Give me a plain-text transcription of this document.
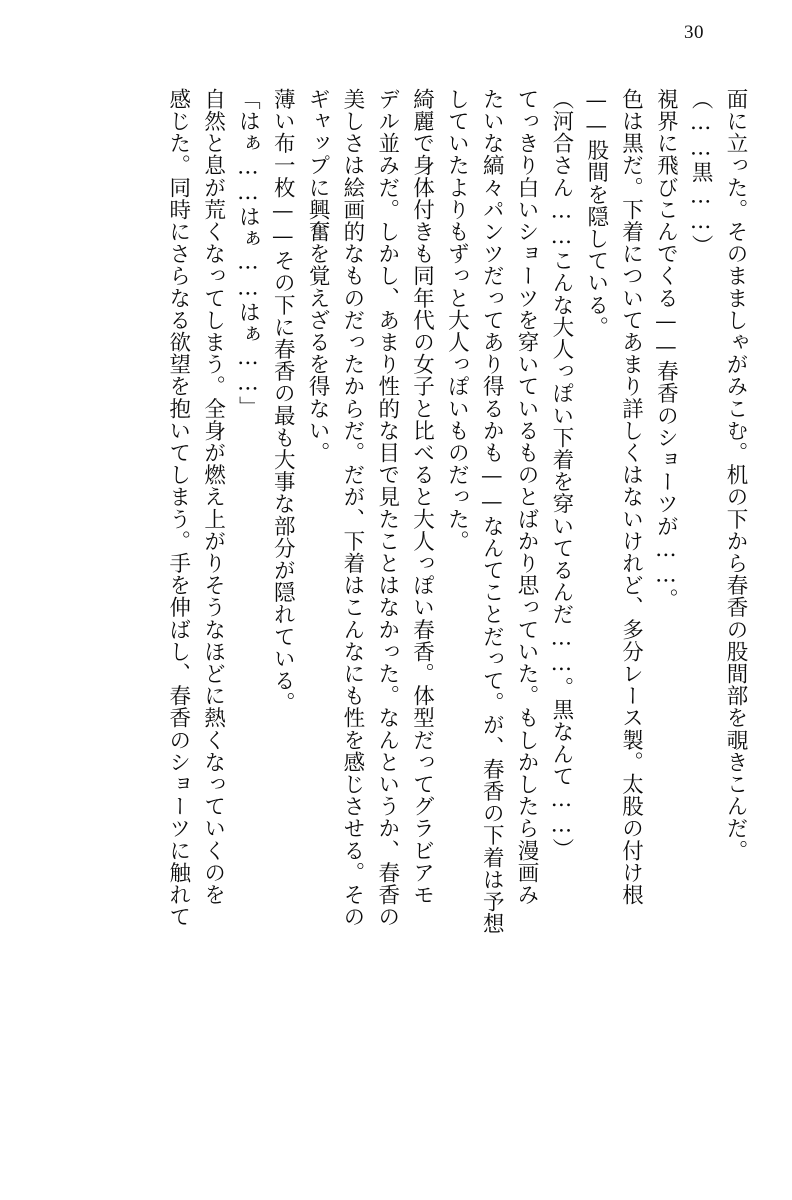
30

面に立った。そのまましゃがみこむ。机の下から春香の股間部を覗きこんだ。

（……黒……）

視界に飛びこんでくる——春香のショーツが……。

色は黒だ。下着についてあまり詳しくはないけれど、多分レース製。太股の付け根

——股間を隠している。

（河合さん……こんな大人っぽい下着を穿いてるんだ……。黒なんて……）

てっきり白いショーツを穿いているものとばかり思っていた。もしかしたら漫画み

たいな縞々パンツだってあり得るかも——なんてことだって。が、春香の下着は予想

していたよりもずっと大人っぽいものだった。

綺麗で身体付きも同年代の女子と比べると大人っぽい春香。体型だってグラビアモ

デル並みだ。しかし、あまり性的な目で見たことはなかった。なんというか、春香の

美しさは絵画的なものだったからだ。だが、下着はこんなにも性を感じさせる。その

ギャップに興奮を覚えざるを得ない。

薄い布一枚——その下に春香の最も大事な部分が隠れている。

「はぁ……はぁ……はぁ……」

自然と息が荒くなってしまう。全身が燃え上がりそうなほどに熱くなっていくのを

感じた。同時にさらなる欲望を抱いてしまう。手を伸ばし、春香のショーツに触れて
